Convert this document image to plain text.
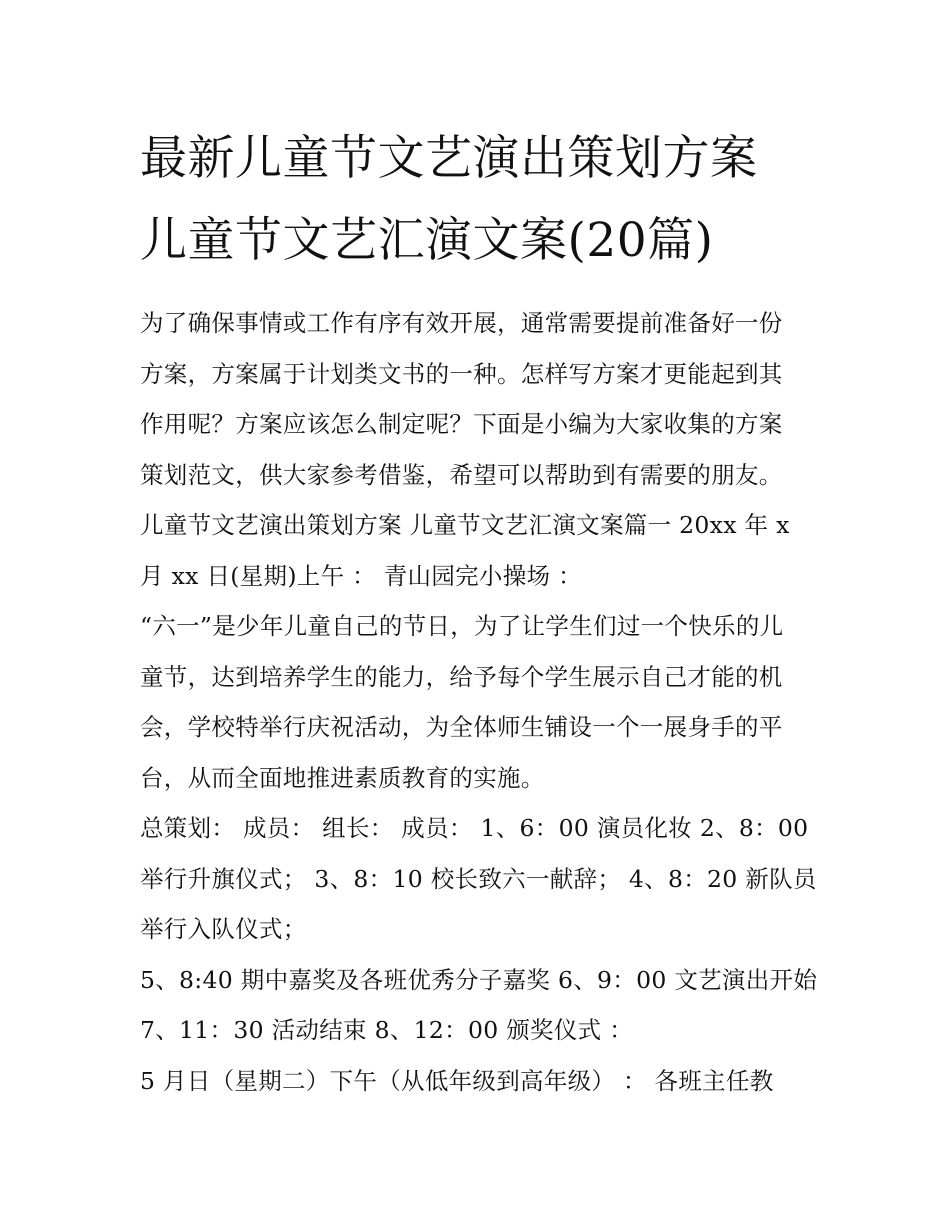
最新儿童节文艺演出策划方案
儿童节文艺汇演文案(20篇)
为了确保事情或工作有序有效开展，通常需要提前准备好一份
方案，方案属于计划类文书的一种。怎样写方案才更能起到其
作用呢？方案应该怎么制定呢？下面是小编为大家收集的方案
策划范文，供大家参考借鉴，希望可以帮助到有需要的朋友。
儿童节文艺演出策划方案 儿童节文艺汇演文案篇一 20xx 年 x
月 xx 日(星期)上午 ： 青山园完小操场 ：
“六一”是少年儿童自己的节日，为了让学生们过一个快乐的儿
童节，达到培养学生的能力，给予每个学生展示自己才能的机
会，学校特举行庆祝活动，为全体师生铺设一个一展身手的平
台，从而全面地推进素质教育的实施。
总策划： 成员： 组长： 成员： 1、6：00 演员化妆 2、8：00
举行升旗仪式； 3、8：10 校长致六一献辞； 4、8：20 新队员
举行入队仪式；
5、8:40 期中嘉奖及各班优秀分子嘉奖 6、9：00 文艺演出开始
7、11：30 活动结束 8、12：00 颁奖仪式 ：
5 月日（星期二）下午（从低年级到高年级） ： 各班主任教
